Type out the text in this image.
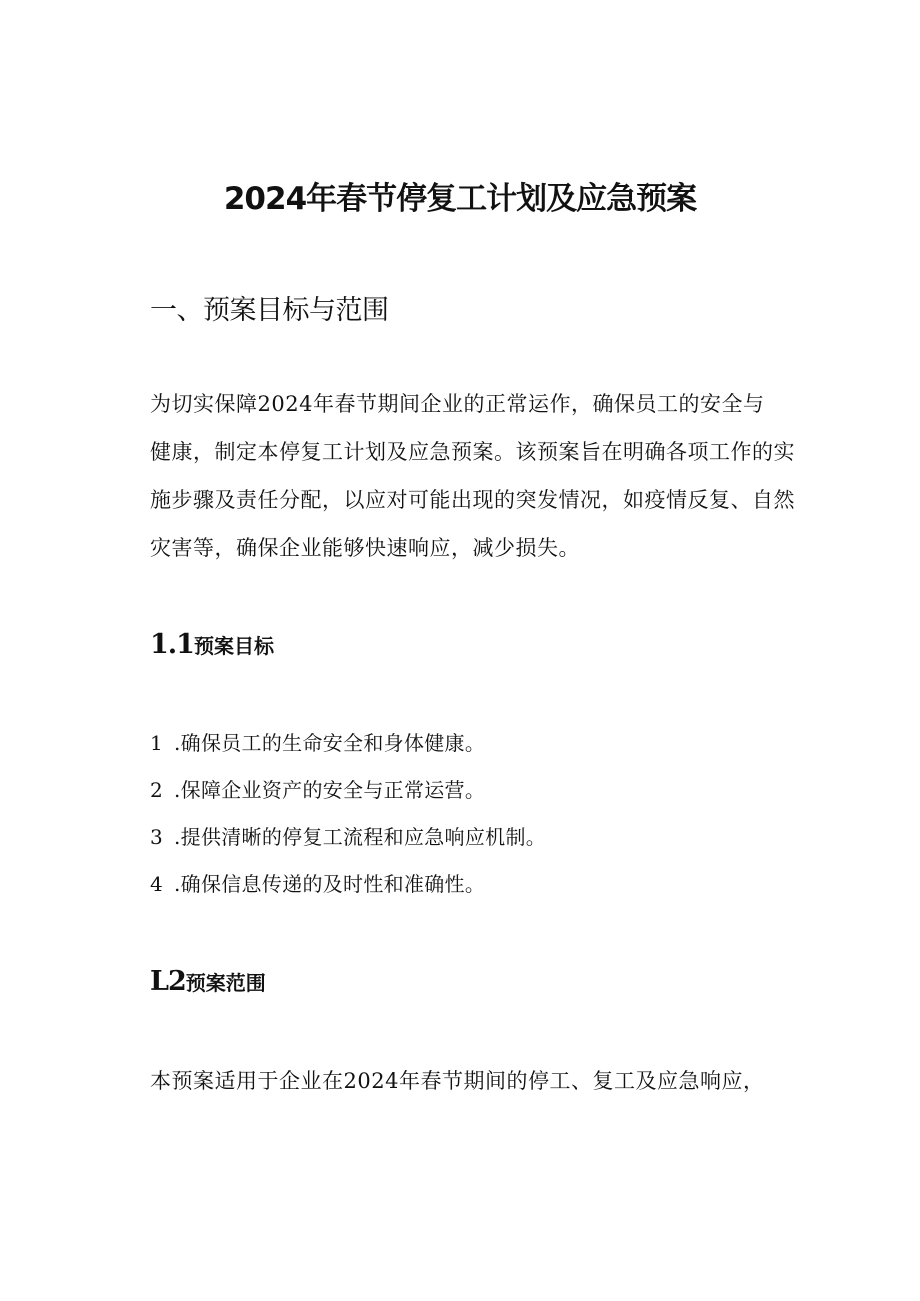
2024年春节停复工计划及应急预案
一、预案目标与范围

为切实保障2024年春节期间企业的正常运作，确保员工的安全与
健康，制定本停复工计划及应急预案。该预案旨在明确各项工作的实
施步骤及责任分配，以应对可能出现的突发情况，如疫情反复、自然
灾害等，确保企业能够快速响应，减少损失。

1.1预案目标
1 .确保员工的生命安全和身体健康。
2 .保障企业资产的安全与正常运营。
3 .提供清晰的停复工流程和应急响应机制。
4 .确保信息传递的及时性和准确性。
L2预案范围

本预案适用于企业在2024年春节期间的停工、复工及应急响应，
